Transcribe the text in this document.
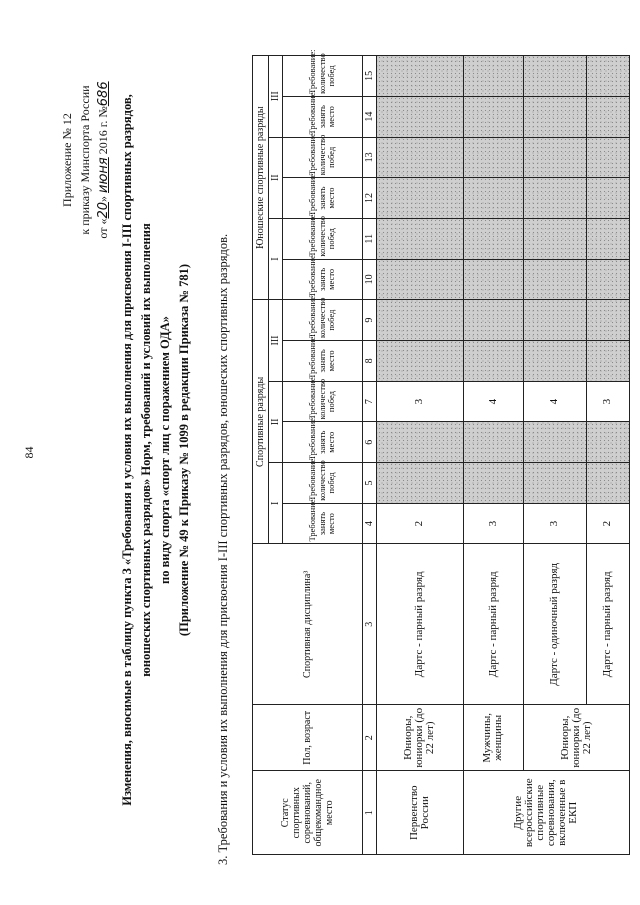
84
Приложение № 12 к приказу Минспорта России от «20» июня 2016 г. №686
Изменения, вносимые в таблицу пункта 3 «Требования и условия их выполнения для присвоения I-III спортивных разрядов, юношеских спортивных разрядов» Норм, требований и условий их выполнения по виду спорта «спорт лиц с поражением ОДА» (Приложение № 49 к Приказу № 1099 в редакции Приказа № 781) 3. Требования и условия их выполнения для присвоения I-III спортивных разрядов, юношеских спортивных разрядов.	Статус спортивных соревнований, общекомандное место	Пол, возраст	Спортивная дисциплина³	Спортивные разряды						Юношеские спортивные разряды					
			I		II		III		I		II		III	
			Требование: занять место	Требование: количество побед	Требование: занять место	Требование: количество побед	Требование: занять место	Требование: количество побед	Требование: занять место	Требование: количество побед	Требование: занять место	Требование: количество побед	Требование: занять место	Требование: количество побед
1	2	3	4	5	6	7	8	9	10	11	12	13	14	15
Первенство России	Юниоры, юниорки (до 22 лет)	Дартс - парный разряд	2			3								
Другие всероссийские спортивные соревнования, включенные в ЕКП	Мужчины, женщины	Дартс - парный разряд	3			4								
	Юниоры, юниорки (до 22 лет)	Дартс - одиночный разряд	3			4								
		Дартс - парный разряд	2			3								
